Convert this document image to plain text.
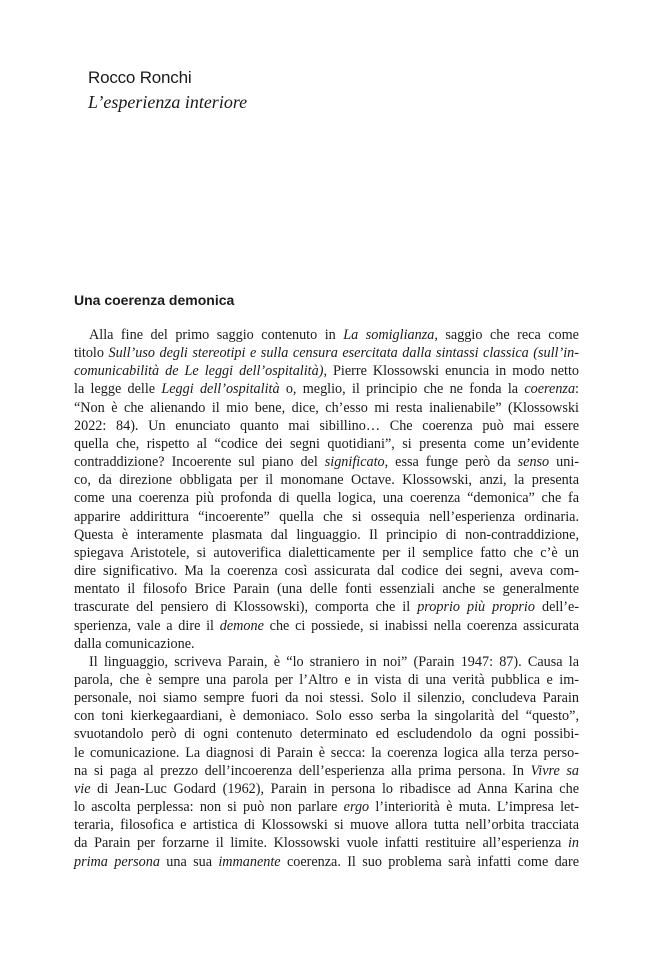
Rocco Ronchi
L’esperienza interiore
Una coerenza demonica

Alla fine del primo saggio contenuto in La somiglianza, saggio che reca come
titolo Sull’uso degli stereotipi e sulla censura esercitata dalla sintassi classica (sull’in-
comunicabilità de Le leggi dell’ospitalità), Pierre Klossowski enuncia in modo netto
la legge delle Leggi dell’ospitalità o, meglio, il principio che ne fonda la coerenza:
“Non è che alienando il mio bene, dice, ch’esso mi resta inalienabile” (Klossowski
2022: 84). Un enunciato quanto mai sibillino… Che coerenza può mai essere
quella che, rispetto al “codice dei segni quotidiani”, si presenta come un’evidente
contraddizione? Incoerente sul piano del significato, essa funge però da senso uni-
co, da direzione obbligata per il monomane Octave. Klossowski, anzi, la presenta
come una coerenza più profonda di quella logica, una coerenza “demonica” che fa
apparire addirittura “incoerente” quella che si ossequia nell’esperienza ordinaria.
Questa è interamente plasmata dal linguaggio. Il principio di non-contraddizione,
spiegava Aristotele, si autoverifica dialetticamente per il semplice fatto che c’è un
dire significativo. Ma la coerenza così assicurata dal codice dei segni, aveva com-
mentato il filosofo Brice Parain (una delle fonti essenziali anche se generalmente
trascurate del pensiero di Klossowski), comporta che il proprio più proprio dell’e-
sperienza, vale a dire il demone che ci possiede, si inabissi nella coerenza assicurata
dalla comunicazione.

Il linguaggio, scriveva Parain, è “lo straniero in noi” (Parain 1947: 87). Causa la
parola, che è sempre una parola per l’Altro e in vista di una verità pubblica e im-
personale, noi siamo sempre fuori da noi stessi. Solo il silenzio, concludeva Parain
con toni kierkegaardiani, è demoniaco. Solo esso serba la singolarità del “questo”,
svuotandolo però di ogni contenuto determinato ed escludendolo da ogni possibi-
le comunicazione. La diagnosi di Parain è secca: la coerenza logica alla terza perso-
na si paga al prezzo dell’incoerenza dell’esperienza alla prima persona. In Vivre sa
vie di Jean-Luc Godard (1962), Parain in persona lo ribadisce ad Anna Karina che
lo ascolta perplessa: non si può non parlare ergo l’interiorità è muta. L’impresa let-
teraria, filosofica e artistica di Klossowski si muove allora tutta nell’orbita tracciata
da Parain per forzarne il limite. Klossowski vuole infatti restituire all’esperienza in
prima persona una sua immanente coerenza. Il suo problema sarà infatti come dare
